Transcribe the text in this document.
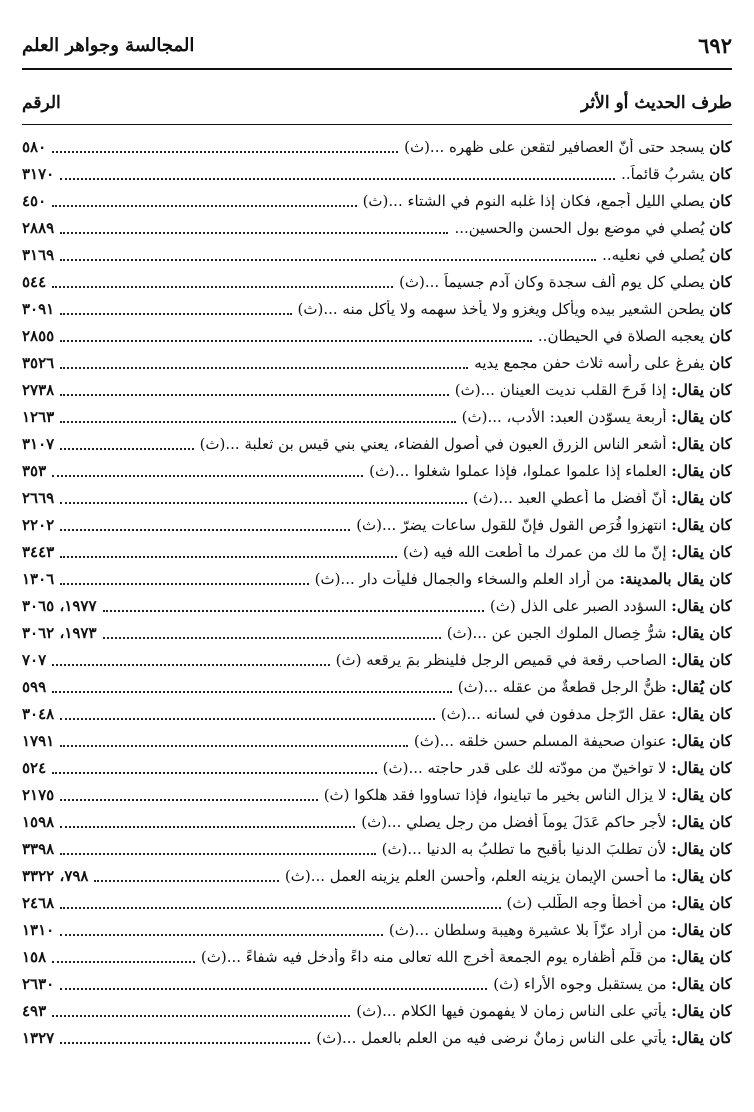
٦٩٢
المجالسة وجواهر العلم
طرف الحديث أو الأثر
الرقم
كان يسجد حتى أنّ العصافير لتقعن على ظهره ...(ث)
٥٨٠
كان يشربُ قائماً..
٣١٧٠
كان يصلي الليل أجمع، فكان إذا غلبه النوم في الشتاء ...(ث)
٤٥٠
كان يُصلي في موضع بول الحسن والحسين...
٢٨٨٩
كان يُصلي في نعليه..
٣١٦٩
كان يصلي كل يوم ألف سجدة وكان آدم جسيماً ...(ث)
٥٤٤
كان يطحن الشعير بيده ويأكل ويغزو ولا يأخذ سهمه ولا يأكل منه ...(ث)
٣٠٩١
كان يعجبه الصلاة في الحيطان..
٢٨٥٥
كان يفرغ على رأسه ثلاث حفن مجمع يديه
٣٥٢٦
كان يقال: إذا فَرِحَ القلب نديت العينان ...(ث)
٢٧٣٨
كان يقال: أربعة يسوّدن العبد: الأدب، ...(ث)
١٢٦٣
كان يقال: أشعر الناس الزرق العيون في أصول الفضاء، يعني بني قيس بن ثعلبة ...(ث)
٣١٠٧
كان يقال: العلماء إذا علموا عملوا، فإذا عملوا شغلوا ...(ث)
٣٥٣
كان يقال: أنّ أفضل ما أُعطي العبد ...(ث)
٢٦٦٩
كان يقال: انتهزوا فُرَص القولِ فإنّ للقول ساعات يضرّ ...(ث)
٢٢٠٢
كان يقال: إنّ ما لك من عمرك ما أطعت الله فيه (ث)
٣٤٤٣
كان يقال بالمدينة: من أراد العلم والسخاء والجمال فليأت دار ...(ث)
١٣٠٦
كان يقال: السؤدد الصبر على الذل (ث)
١٩٧٧، ٣٠٦٥
كان يقال: شرُّ خِصال الملوك الجبن عن ...(ث)
١٩٧٣، ٣٠٦٢
كان يقال: الصاحب رقعة في قميص الرجل فلينظر بمَ يرقعه (ث)
٧٠٧
كان يُقال: ظنُّ الرجل قطعةٌ من عقله ...(ث)
٥٩٩
كان يقال: عقل الرّجل مدفون في لسانه ...(ث)
٣٠٤٨
كان يقال: عنوان صحيفة المسلم حسن خلقه ...(ث)
١٧٩١
كان يقال: لا تواخينّ من مودّته لك على قدر حاجته ...(ث)
٥٢٤
كان يقال: لا يزال الناس بخيرٍ ما تباينوا، فإذا تساووا فقد هلكوا (ث)
٢١٧٥
كان يقال: لأجر حاكمٍ عَدَلَ يوماً أفضل من رجل يصلي ...(ث)
١٥٩٨
كان يقال: لأن تطلبَ الدنيا بأقبح ما تطلبُ به الدنيا ...(ث)
٣٣٩٨
كان يقال: ما أحسن الإيمان يزينه العلم، وأحسن العلم يزينه العمل ...(ث)
٧٩٨، ٣٣٢٢
كان يقال: من أخطأ وجه الطّلب (ث)
٢٤٦٨
كان يقال: من أراد عزّاً بلا عشيرة وهيبة وسلطان ...(ث)
١٣١٠
كان يقال: من قلّم أظفاره يوم الجمعة أخرج الله تعالى منه داءً وأدخل فيه شفاءً ...(ث)
١٥٨
كان يقال: من يستقبل وجوه الأراء (ث)
٢٦٣٠
كان يقال: يأتي على الناس زمان لا يفهمون فيها الكلام ...(ث)
٤٩٣
كان يقال: يأتي على الناس زمانٌ نرضى فيه من العلم بالعمل ...(ث)
١٣٢٧
